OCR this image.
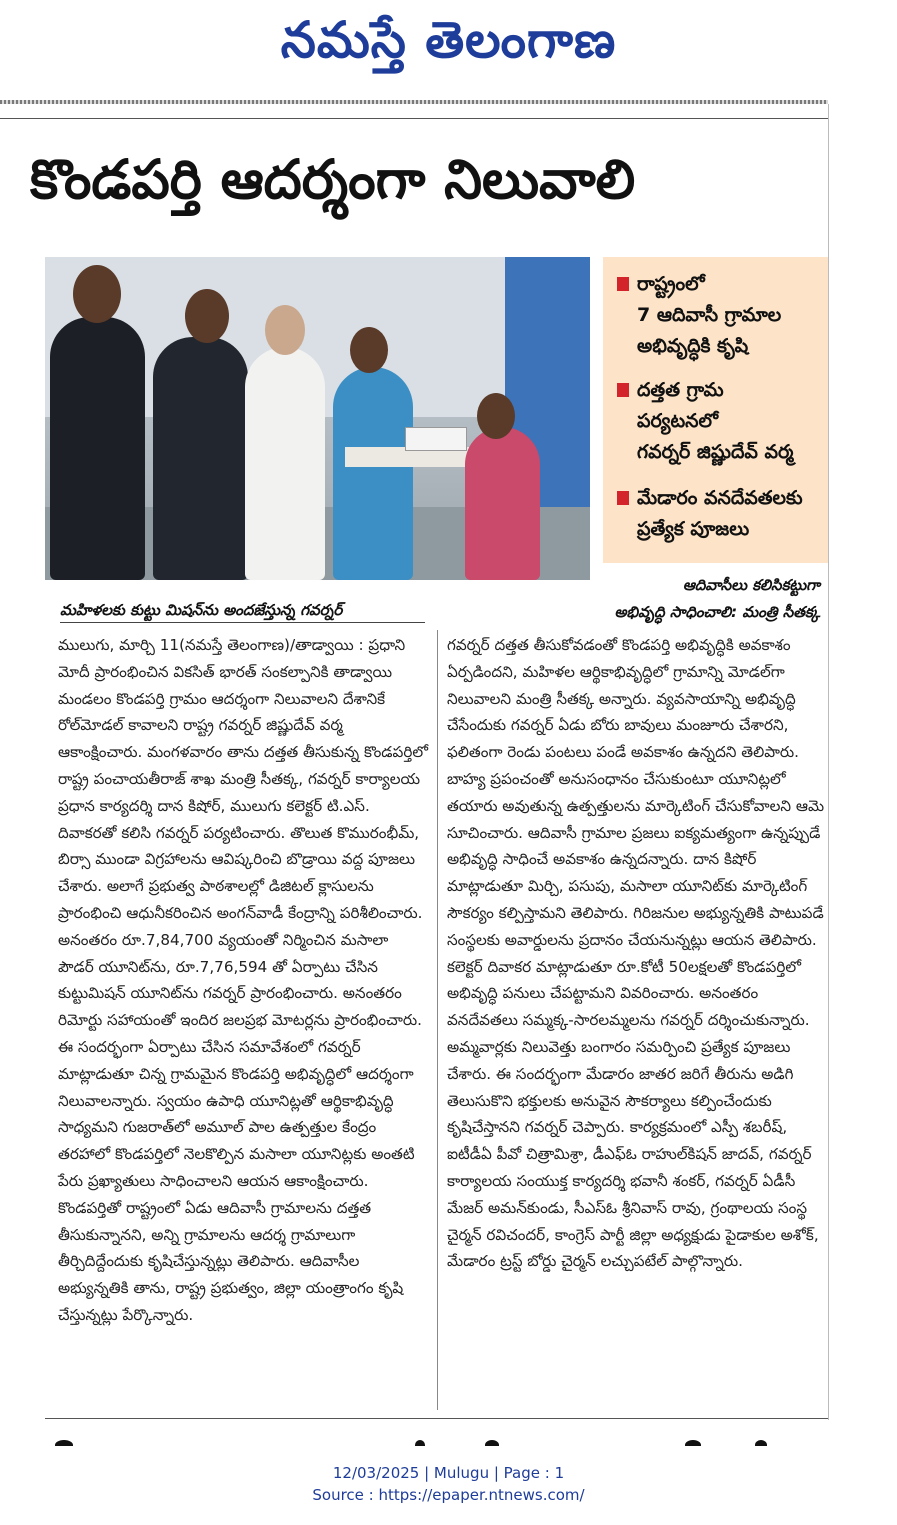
నమస్తే తెలంగాణ
కొండపర్తి ఆదర్శంగా నిలువాలి
రాష్ట్రంలో
7 ఆదివాసీ గ్రామాల
అభివృద్ధికి కృషి
దత్తత గ్రామ
పర్యటనలో
గవర్నర్ జిష్ణుదేవ్ వర్మ
మేడారం వనదేవతలకు
ప్రత్యేక పూజలు
ఆదివాసీలు కలిసికట్టుగా
అభివృద్ధి సాధించాలి: మంత్రి సీతక్క
మహిళలకు కుట్టు మిషన్‌ను అందజేస్తున్న గవర్నర్

ములుగు, మార్చి 11(నమస్తే తెలంగాణ)/తాడ్వాయి : ప్రధాని మోదీ ప్రారంభించిన వికసిత్ భారత్ సంకల్పానికి తాడ్వాయి మండలం కొండపర్తి గ్రామం ఆదర్శంగా నిలువాలని దేశానికే రోల్‌మోడల్ కావాలని రాష్ట్ర గవర్నర్ జిష్ణుదేవ్ వర్మ ఆకాంక్షించారు. మంగళవారం తాను దత్తత తీసుకున్న కొండపర్తిలో రాష్ట్ర పంచాయతీరాజ్ శాఖ మంత్రి సీతక్క, గవర్నర్ కార్యాలయ ప్రధాన కార్యదర్శి దాన కిషోర్, ములుగు కలెక్టర్ టి.ఎస్. దివాకరతో కలిసి గవర్నర్ పర్యటించారు. తొలుత కొమురంభీమ్, బిర్సా ముండా విగ్రహాలను ఆవిష్కరించి బొడ్రాయి వద్ద పూజలు చేశారు. అలాగే ప్రభుత్వ పాఠశాలల్లో డిజిటల్ క్లాసులను ప్రారంభించి ఆధునీకరించిన అంగన్‌వాడీ కేంద్రాన్ని పరిశీలించారు. అనంతరం రూ.7,84,700 వ్యయంతో నిర్మించిన మసాలా పౌడర్ యూనిట్‌ను, రూ.7,76,594 తో ఏర్పాటు చేసిన కుట్టుమిషన్ యూనిట్‌ను గవర్నర్ ప్రారంభించారు. అనంతరం రిమోర్టు సహాయంతో ఇందిర జలప్రభ మోటర్లను ప్రారంభించారు. ఈ సందర్భంగా ఏర్పాటు చేసిన సమావేశంలో గవర్నర్ మాట్లాడుతూ చిన్న గ్రామమైన కొండపర్తి అభివృద్ధిలో ఆదర్శంగా నిలువాలన్నారు. స్వయం ఉపాధి యూనిట్లతో ఆర్థికాభివృద్ధి సాధ్యమని గుజరాత్‌లో అమూల్ పాల ఉత్పత్తుల కేంద్రం తరహాలో కొండపర్తిలో నెలకొల్పిన మసాలా యూనిట్లకు అంతటి పేరు ప్రఖ్యాతులు సాధించాలని ఆయన ఆకాంక్షించారు. కొండపర్తితో రాష్ట్రంలో ఏడు ఆదివాసీ గ్రామాలను దత్తత తీసుకున్నానని, అన్ని గ్రామాలను ఆదర్శ గ్రామాలుగా తీర్చిదిద్దేందుకు కృషిచేస్తున్నట్లు తెలిపారు. ఆదివాసీల అభ్యున్నతికి తాను, రాష్ట్ర ప్రభుత్వం, జిల్లా యంత్రాంగం కృషి చేస్తున్నట్లు పేర్కొన్నారు.

గవర్నర్ దత్తత తీసుకోవడంతో కొండపర్తి అభివృద్ధికి అవకాశం ఏర్పడిందని, మహిళల ఆర్థికాభివృద్ధిలో గ్రామాన్ని మోడల్‌గా నిలువాలని మంత్రి సీతక్క అన్నారు. వ్యవసాయాన్ని అభివృద్ధి చేసేందుకు గవర్నర్ ఏడు బోరు బావులు మంజూరు చేశారని, ఫలితంగా రెండు పంటలు పండే అవకాశం ఉన్నదని తెలిపారు. బాహ్య ప్రపంచంతో అనుసంధానం చేసుకుంటూ యూనిట్లలో తయారు అవుతున్న ఉత్పత్తులను మార్కెటింగ్ చేసుకోవాలని ఆమె సూచించారు. ఆదివాసీ గ్రామాల ప్రజలు ఐక్యమత్యంగా ఉన్నప్పుడే అభివృద్ధి సాధించే అవకాశం ఉన్నదన్నారు. దాన కిషోర్ మాట్లాడుతూ మిర్చి, పసుపు, మసాలా యూనిట్‌కు మార్కెటింగ్ సౌకర్యం కల్పిస్తామని తెలిపారు. గిరిజనుల అభ్యున్నతికి పాటుపడే సంస్థలకు అవార్డులను ప్రదానం చేయనున్నట్లు ఆయన తెలిపారు. కలెక్టర్ దివాకర మాట్లాడుతూ రూ.కోటీ 50లక్షలతో కొండపర్తిలో అభివృద్ధి పనులు చేపట్టామని వివరించారు. అనంతరం వనదేవతలు సమ్మక్క-సారలమ్మలను గవర్నర్ దర్శించుకున్నారు. అమ్మవార్లకు నిలువెత్తు బంగారం సమర్పించి ప్రత్యేక పూజలు చేశారు. ఈ సందర్భంగా మేడారం జాతర జరిగే తీరును అడిగి తెలుసుకొని భక్తులకు అనువైన సౌకర్యాలు కల్పించేందుకు కృషిచేస్తానని గవర్నర్ చెప్పారు. కార్యక్రమంలో ఎస్పీ శబరీష్, ఐటీడీఏ పీవో చిత్రామిశ్రా, డీఎఫ్‌ఓ రాహుల్‌కిషన్ జాదవ్, గవర్నర్ కార్యాలయ సంయుక్త కార్యదర్శి భవానీ శంకర్, గవర్నర్ ఏడీసీ మేజర్ అమన్‌కుండు, సీఎస్ఓ శ్రీనివాస్ రావు, గ్రంథాలయ సంస్థ చైర్మన్ రవిచందర్, కాంగ్రెస్ పార్టీ జిల్లా అధ్యక్షుడు పైడాకుల అశోక్, మేడారం ట్రస్ట్ బోర్డు చైర్మన్ లచ్చుపటేల్ పాల్గొన్నారు.

12/03/2025 | Mulugu | Page : 1
Source : https://epaper.ntnews.com/
